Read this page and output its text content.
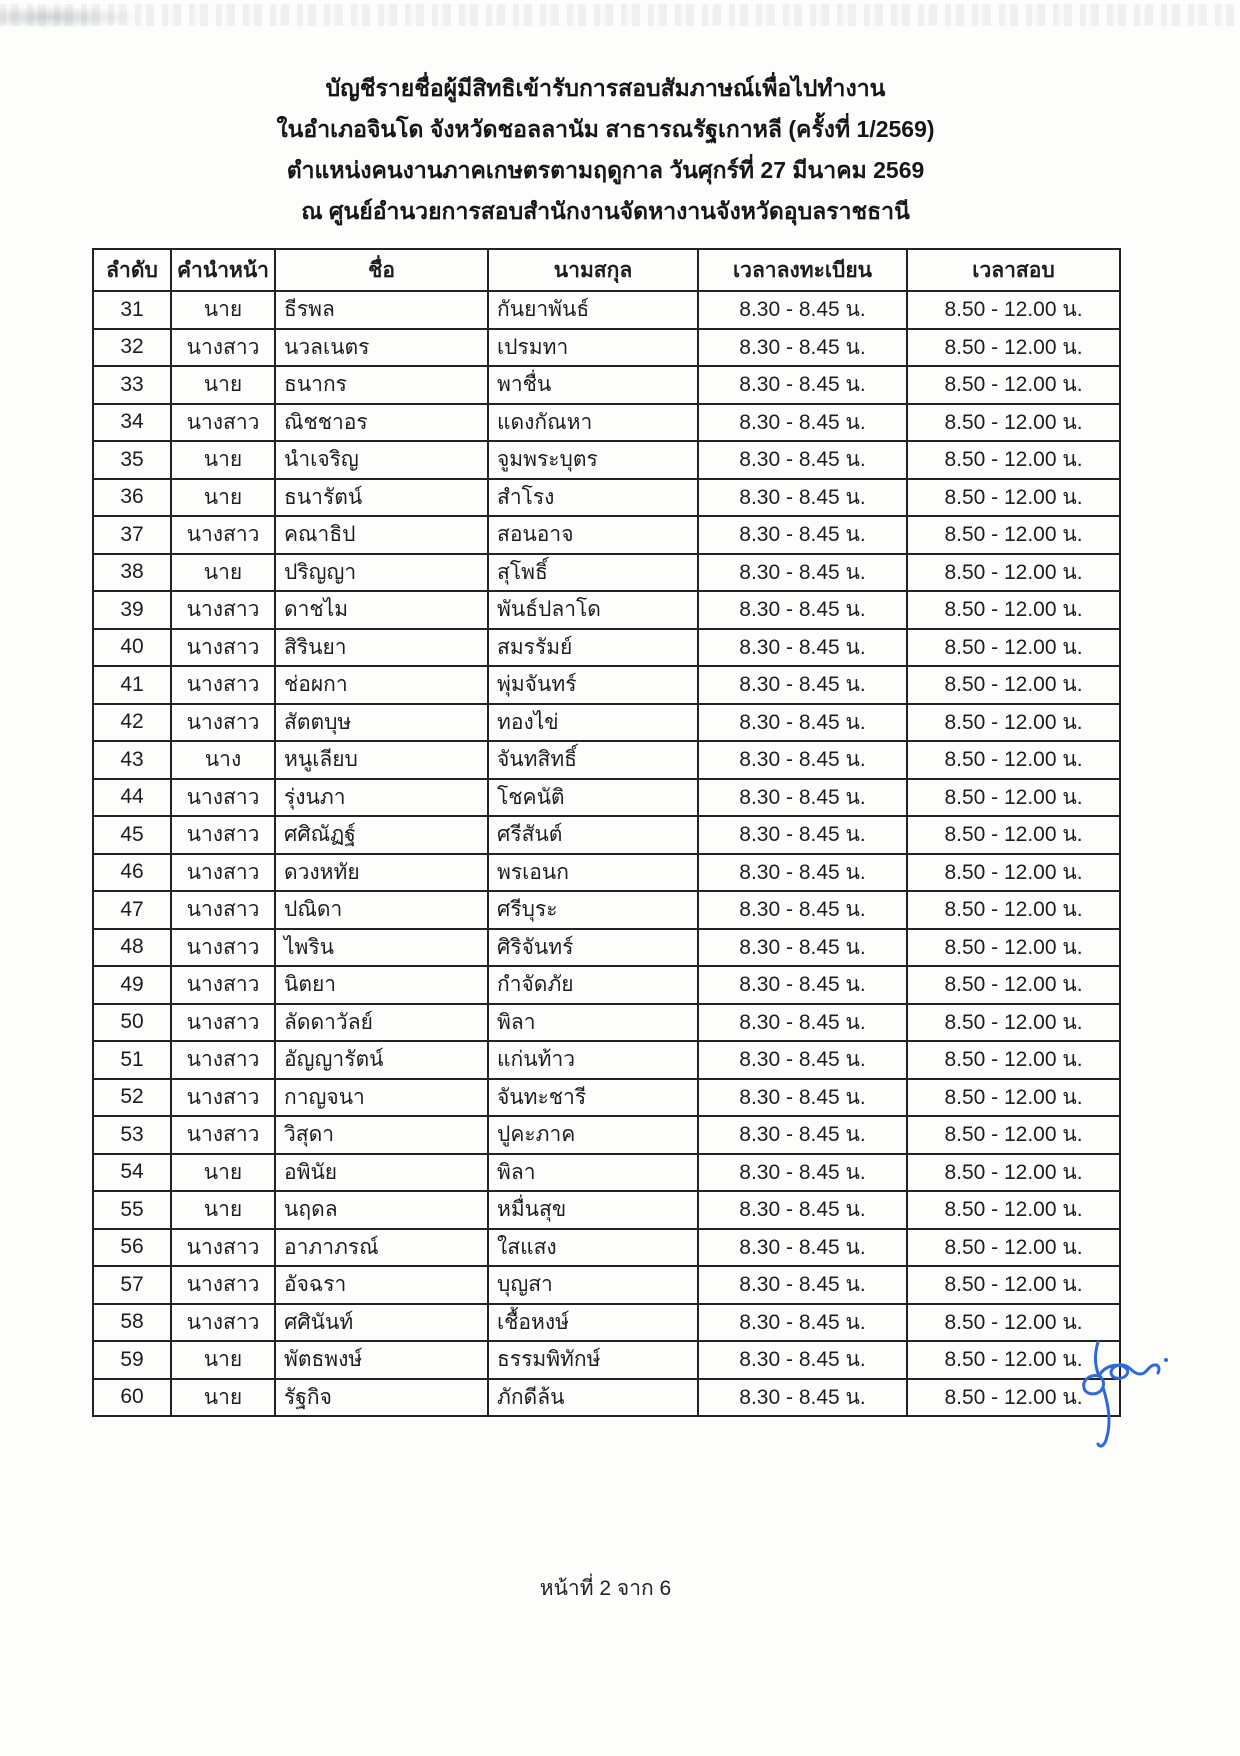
บัญชีรายชื่อผู้มีสิทธิเข้ารับการสอบสัมภาษณ์เพื่อไปทำงาน
ในอำเภอจินโด จังหวัดชอลลานัม สาธารณรัฐเกาหลี (ครั้งที่ 1/2569)
ตำแหน่งคนงานภาคเกษตรตามฤดูกาล วันศุกร์ที่ 27 มีนาคม 2569
ณ ศูนย์อำนวยการสอบสำนักงานจัดหางานจังหวัดอุบลราชธานี
ลำดับ	คำนำหน้า	ชื่อ	นามสกุล	เวลาลงทะเบียน	เวลาสอบ
31	นาย	ธีรพล	กันยาพันธ์	8.30 - 8.45 น.	8.50 - 12.00 น.
32	นางสาว	นวลเนตร	เปรมทา	8.30 - 8.45 น.	8.50 - 12.00 น.
33	นาย	ธนากร	พาชื่น	8.30 - 8.45 น.	8.50 - 12.00 น.
34	นางสาว	ณิชชาอร	แดงกัณหา	8.30 - 8.45 น.	8.50 - 12.00 น.
35	นาย	นำเจริญ	จูมพระบุตร	8.30 - 8.45 น.	8.50 - 12.00 น.
36	นาย	ธนารัตน์	สำโรง	8.30 - 8.45 น.	8.50 - 12.00 น.
37	นางสาว	คณาธิป	สอนอาจ	8.30 - 8.45 น.	8.50 - 12.00 น.
38	นาย	ปริญญา	สุโพธิ์	8.30 - 8.45 น.	8.50 - 12.00 น.
39	นางสาว	ดาชไม	พันธ์ปลาโด	8.30 - 8.45 น.	8.50 - 12.00 น.
40	นางสาว	สิรินยา	สมรรัมย์	8.30 - 8.45 น.	8.50 - 12.00 น.
41	นางสาว	ช่อผกา	พุ่มจันทร์	8.30 - 8.45 น.	8.50 - 12.00 น.
42	นางสาว	สัตตบุษ	ทองไข่	8.30 - 8.45 น.	8.50 - 12.00 น.
43	นาง	หนูเลียบ	จันทสิทธิ์	8.30 - 8.45 น.	8.50 - 12.00 น.
44	นางสาว	รุ่งนภา	โชคนัติ	8.30 - 8.45 น.	8.50 - 12.00 น.
45	นางสาว	ศศิณัฏฐ์	ศรีสันต์	8.30 - 8.45 น.	8.50 - 12.00 น.
46	นางสาว	ดวงหทัย	พรเอนก	8.30 - 8.45 น.	8.50 - 12.00 น.
47	นางสาว	ปณิดา	ศรีบุระ	8.30 - 8.45 น.	8.50 - 12.00 น.
48	นางสาว	ไพริน	ศิริจันทร์	8.30 - 8.45 น.	8.50 - 12.00 น.
49	นางสาว	นิตยา	กำจัดภัย	8.30 - 8.45 น.	8.50 - 12.00 น.
50	นางสาว	ลัดดาวัลย์	พิลา	8.30 - 8.45 น.	8.50 - 12.00 น.
51	นางสาว	อัญญารัตน์	แก่นท้าว	8.30 - 8.45 น.	8.50 - 12.00 น.
52	นางสาว	กาญจนา	จันทะชารี	8.30 - 8.45 น.	8.50 - 12.00 น.
53	นางสาว	วิสุดา	ปูคะภาค	8.30 - 8.45 น.	8.50 - 12.00 น.
54	นาย	อพินัย	พิลา	8.30 - 8.45 น.	8.50 - 12.00 น.
55	นาย	นฤดล	หมื่นสุข	8.30 - 8.45 น.	8.50 - 12.00 น.
56	นางสาว	อาภาภรณ์	ใสแสง	8.30 - 8.45 น.	8.50 - 12.00 น.
57	นางสาว	อัจฉรา	บุญสา	8.30 - 8.45 น.	8.50 - 12.00 น.
58	นางสาว	ศศินันท์	เชื้อหงษ์	8.30 - 8.45 น.	8.50 - 12.00 น.
59	นาย	พัตธพงษ์	ธรรมพิทักษ์	8.30 - 8.45 น.	8.50 - 12.00 น.
60	นาย	รัฐกิจ	ภักดีล้น	8.30 - 8.45 น.	8.50 - 12.00 น.
หน้าที่ 2 จาก 6
